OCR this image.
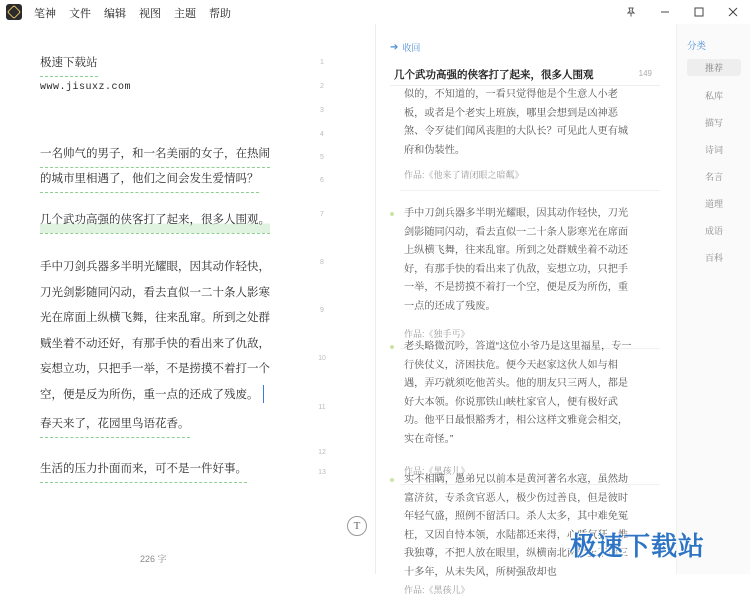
笔神 文件 编辑 视图 主题 帮助
极速下载站
www.jisuxz.com
一名帅气的男子，和一名美丽的女子，在热闹
的城市里相遇了，他们之间会发生爱情吗？
几个武功高强的侠客打了起来，很多人围观。
手中刀剑兵器多半明光耀眼，因其动作轻快，
刀光剑影随同闪动，看去直似一二十条人影寒
光在席面上纵横飞舞，往来乱窜。所到之处群
贼坐着不动还好，有那手快的看出来了仇敌，
妄想立功，只把手一举，不是捞摸不着打一个
空，便是反为所伤，重一点的还成了残废。
春天来了，花园里鸟语花香。
生活的压力扑面而来，可不是一件好事。
1
2
3
4
5
6
7
8
9
10
11
12
13
226 字
T
➔ 收回
几个武功高强的侠客打了起来，很多人围观	149
似的，不知道的，一看只觉得他是个生意人小老
板，或者是个老实上班族，哪里会想到是凶神恶
煞、令歹徒们闻风丧胆的大队长？可见此人更有城
府和伪装性。
作品:《他来了请闭眼之暗粼》
手中刀剑兵器多半明光耀眼，因其动作轻快，刀光
剑影随同闪动，看去直似一二十条人影寒光在席面
上纵横飞舞，往来乱窜。所到之处群贼坐着不动还
好，有那手快的看出来了仇敌，妄想立功，只把手
一举，不是捞摸不着打一个空，便是反为所伤，重
一点的还成了残废。
作品:《独手丐》
老头略微沉吟，答道“这位小爷乃是这里福星，专一
行侠仗义，济困扶危。便今天赵家这伙人如与相
遇，弄巧就须吃他苦头。他的朋友只三两人，都是
好大本领。你说那铁山峡杜家官人，便有极好武
功。他平日最恨豁秀才，相公这样文雅竟会相交，
实在奇怪。”
作品:《黑孩儿》
实不相瞒，愚弟兄以前本是黄河著名水寇，虽然劫
富济贫，专杀贪官恶人，极少伤过善良，但是彼时
年轻气盛，照例不留活口。杀人太多，其中难免冤
枉，又因自恃本领，水陆都还来得，心骄气狂，惟
我独尊，不把人放在眼里，纵横南北两岸上下游三
十多年，从未失风，所树强敌却也
作品:《黑孩儿》
分类
推荐
私库
描写
诗词
名言
道理
成语
百科
极速下载站
